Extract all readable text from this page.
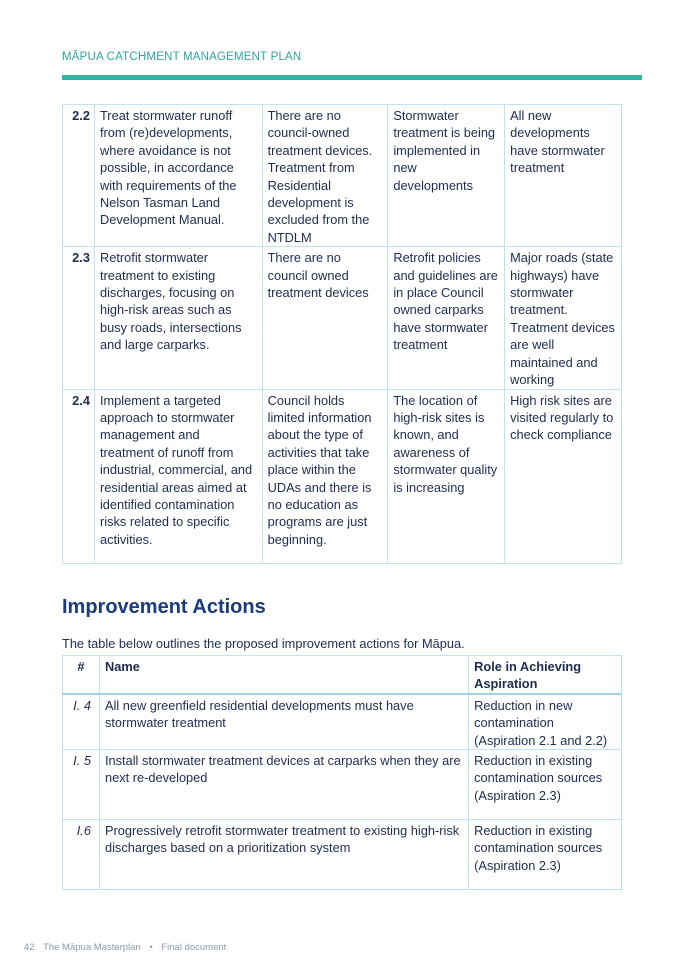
MĀPUA CATCHMENT MANAGEMENT PLAN
2.2	Treat stormwater runoff from (re)developments, where avoidance is not possible, in accordance with requirements of the Nelson Tasman Land Development Manual.	There are no council-owned treatment devices. Treatment from Residential development is excluded from the NTDLM	Stormwater treatment is being implemented in new developments	All new developments have stormwater treatment
2.3	Retrofit stormwater treatment to existing discharges, focusing on high-risk areas such as busy roads, intersections and large carparks.	There are no council owned treatment devices	Retrofit policies and guidelines are in place Council owned carparks have stormwater treatment	Major roads (state highways) have stormwater treatment. Treatment devices are well maintained and working
2.4	Implement a targeted approach to stormwater management and treatment of runoff from industrial, commercial, and residential areas aimed at identified contamination risks related to specific activities.	Council holds limited information about the type of activities that take place within the UDAs and there is no education as programs are just beginning.	The location of high-risk sites is known, and awareness of stormwater quality is increasing	High risk sites are visited regularly to check compliance
Improvement Actions
The table below outlines the proposed improvement actions for Māpua.
#	Name	Role in Achieving Aspiration
I. 4	All new greenfield residential developments must have stormwater treatment	Reduction in new contamination (Aspiration 2.1 and 2.2)
I. 5	Install stormwater treatment devices at carparks when they are next re-developed	Reduction in existing contamination sources (Aspiration 2.3)
I.6	Progressively retrofit stormwater treatment to existing high-risk discharges based on a prioritization system	Reduction in existing contamination sources (Aspiration 2.3)
42 The Māpua Masterplan • Final document
